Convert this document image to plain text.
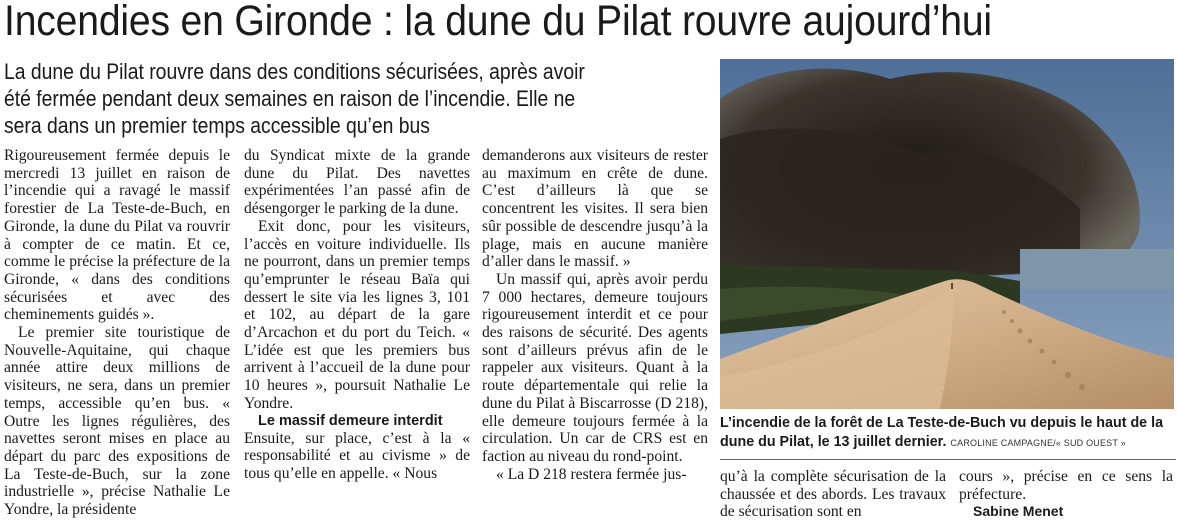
Incendies en Gironde : la dune du Pilat rouvre aujourd’hui
La dune du Pilat rouvre dans des conditions sécurisées, après avoir été fermée pendant deux semaines en raison de l’incendie. Elle ne sera dans un premier temps accessible qu’en bus

Rigoureusement fermée depuis le mercredi 13 juillet en raison de l’incendie qui a ravagé le massif forestier de La Teste-de-Buch, en Gironde, la dune du Pilat va rouvrir à compter de ce matin. Et ce, comme le précise la préfecture de la Gironde, « dans des conditions sécurisées et avec des cheminements guidés ».

Le premier site touristique de Nouvelle-Aquitaine, qui chaque année attire deux millions de visiteurs, ne sera, dans un premier temps, accessible qu’en bus. « Outre les lignes régulières, des navettes seront mises en place au départ du parc des expositions de La Teste-de-Buch, sur la zone industrielle », précise Nathalie Le Yondre, la présidente

du Syndicat mixte de la grande dune du Pilat. Des navettes expérimentées l’an passé afin de désengorger le parking de la dune.

Exit donc, pour les visiteurs, l’accès en voiture individuelle. Ils ne pourront, dans un premier temps qu’emprunter le réseau Baïa qui dessert le site via les lignes 3, 101 et 102, au départ de la gare d’Arcachon et du port du Teich. « L’idée est que les premiers bus arrivent à l’accueil de la dune pour 10 heures », poursuit Nathalie Le Yondre.

Le massif demeure interdit

Ensuite, sur place, c’est à la « responsabilité et au civisme » de tous qu’elle en appelle. « Nous

demanderons aux visiteurs de rester au maximum en crête de dune. C’est d’ailleurs là que se concentrent les visites. Il sera bien sûr possible de descendre jusqu’à la plage, mais en aucune manière d’aller dans le massif. »

Un massif qui, après avoir perdu 7 000 hectares, demeure toujours rigoureusement interdit et ce pour des raisons de sécurité. Des agents sont d’ailleurs prévus afin de le rappeler aux visiteurs. Quant à la route départementale qui relie la dune du Pilat à Biscarrosse (D 218), elle demeure toujours fermée à la circulation. Un car de CRS est en faction au niveau du rond-point.

« La D 218 restera fermée jus-

L’incendie de la forêt de La Teste-de-Buch vu depuis le haut de la dune du Pilat, le 13 juillet dernier. CAROLINE CAMPAGNE/« SUD OUEST »

qu’à la complète sécurisation de la chaussée et des abords. Les travaux de sécurisation sont en

cours », précise en ce sens la préfecture.

Sabine Menet
